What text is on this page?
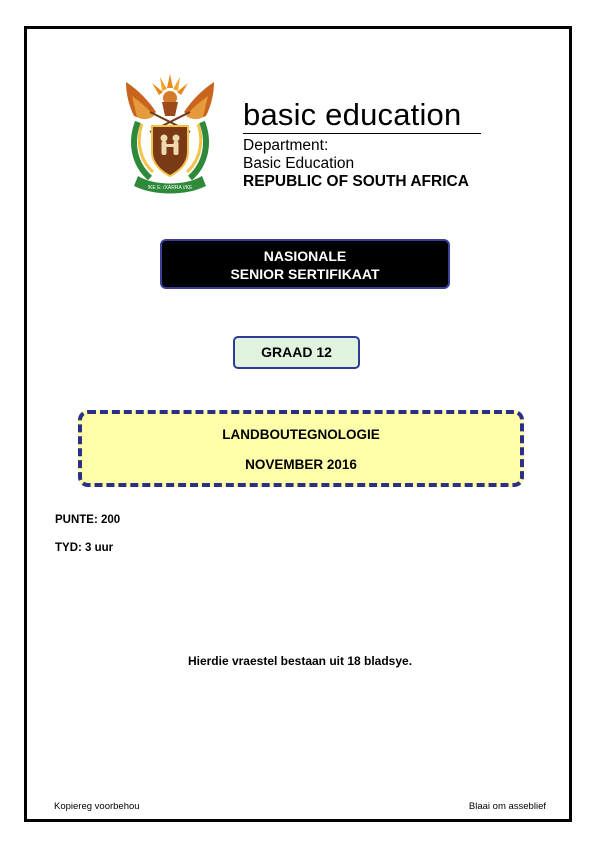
!KE E: /XARRA //KE
basic education
Department:
Basic Education
REPUBLIC OF SOUTH AFRICA
NASIONALE
SENIOR SERTIFIKAAT
GRAAD 12
LANDBOUTEGNOLOGIE
NOVEMBER 2016
PUNTE: 200
TYD: 3 uur
Hierdie vraestel bestaan uit 18 bladsye.
Kopiereg voorbehou	Blaai om asseblief
